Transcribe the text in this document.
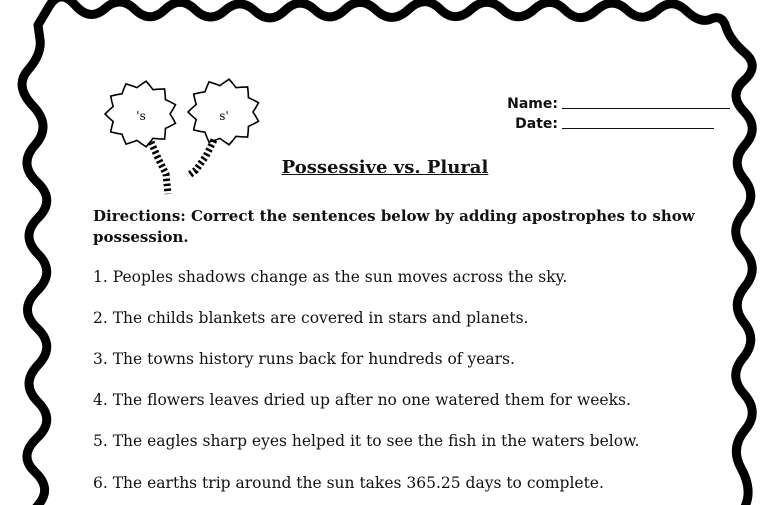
's	s'
Name:
Date:
Possessive vs. Plural
Directions: Correct the sentences below by adding apostrophes to show possession.
1. Peoples shadows change as the sun moves across the sky.
2. The childs blankets are covered in stars and planets.
3. The towns history runs back for hundreds of years.
4. The flowers leaves dried up after no one watered them for weeks.
5. The eagles sharp eyes helped it to see the fish in the waters below.
6. The earths trip around the sun takes 365.25 days to complete.
